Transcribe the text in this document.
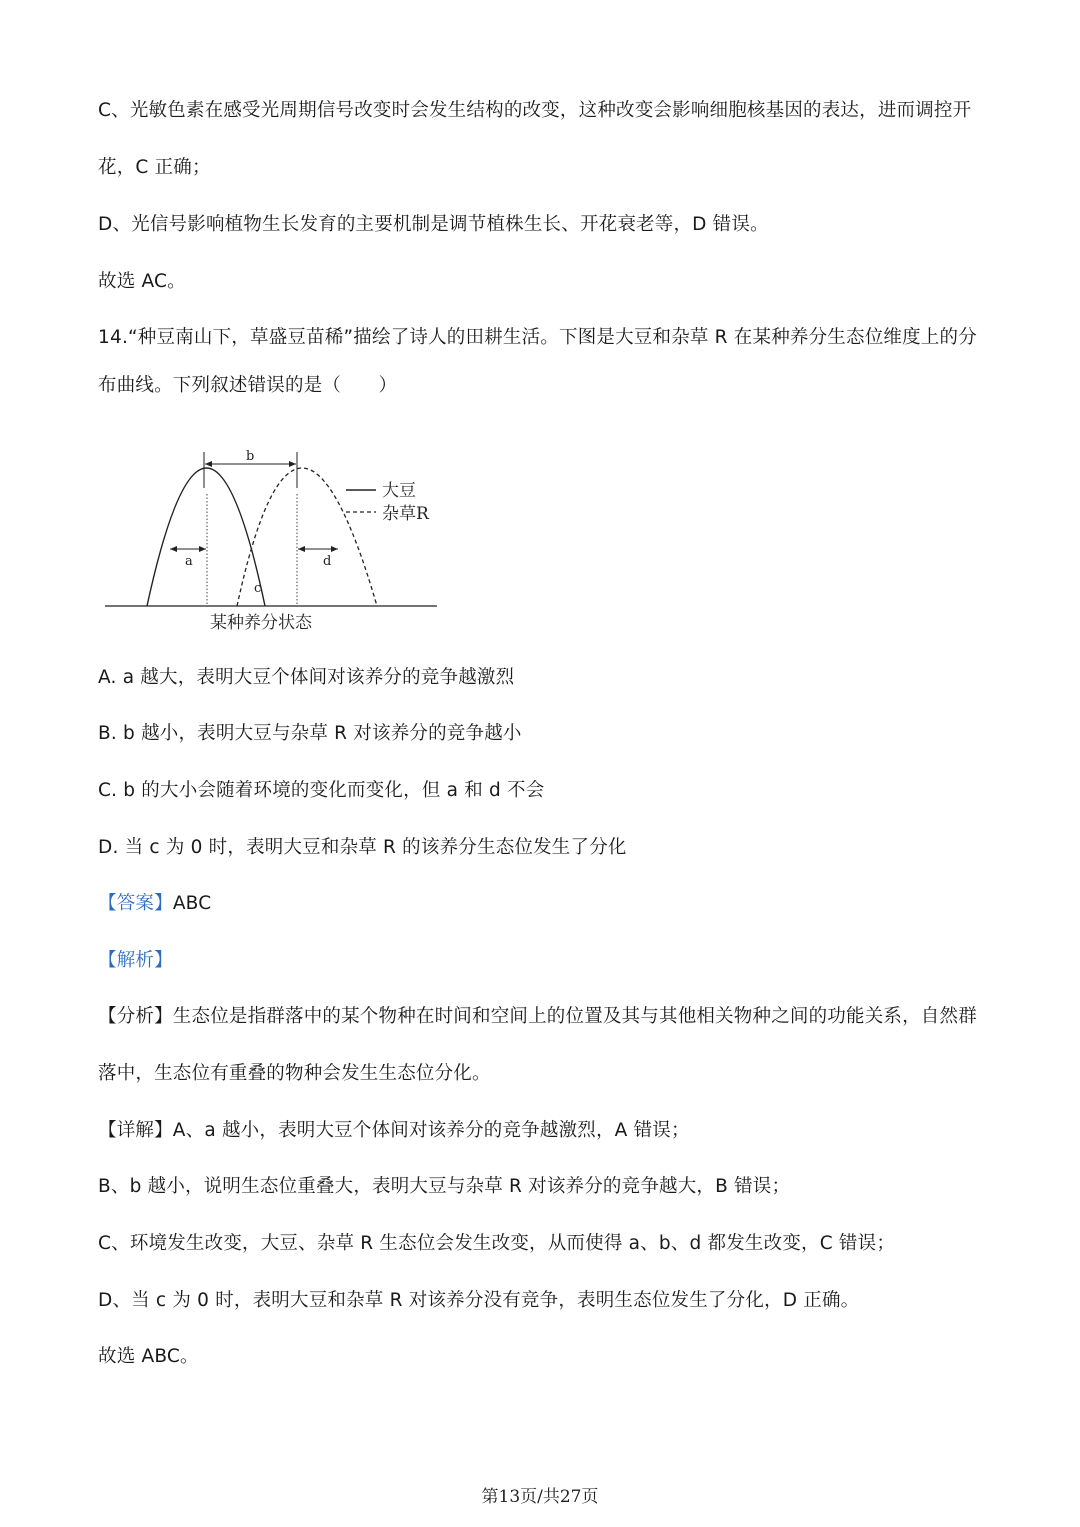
C、光敏色素在感受光周期信号改变时会发生结构的改变，这种改变会影响细胞核基因的表达，进而调控开
花，C 正确；
D、光信号影响植物生长发育的主要机制是调节植株生长、开花衰老等，D 错误。
故选 AC。
14.“种豆南山下，草盛豆苗稀”描绘了诗人的田耕生活。下图是大豆和杂草 R 在某种养分生态位维度上的分
布曲线。下列叙述错误的是（　　）
b
a	d
c
大豆
杂草R
某种养分状态
A. a 越大，表明大豆个体间对该养分的竞争越激烈
B. b 越小，表明大豆与杂草 R 对该养分的竞争越小
C. b 的大小会随着环境的变化而变化，但 a 和 d 不会
D. 当 c 为 0 时，表明大豆和杂草 R 的该养分生态位发生了分化
【答案】ABC
【解析】
【分析】生态位是指群落中的某个物种在时间和空间上的位置及其与其他相关物种之间的功能关系，自然群
落中，生态位有重叠的物种会发生生态位分化。
【详解】A、a 越小，表明大豆个体间对该养分的竞争越激烈，A 错误；
B、b 越小，说明生态位重叠大，表明大豆与杂草 R 对该养分的竞争越大，B 错误；
C、环境发生改变，大豆、杂草 R 生态位会发生改变，从而使得 a、b、d 都发生改变，C 错误；
D、当 c 为 0 时，表明大豆和杂草 R 对该养分没有竞争，表明生态位发生了分化，D 正确。
故选 ABC。
第13页/共27页
